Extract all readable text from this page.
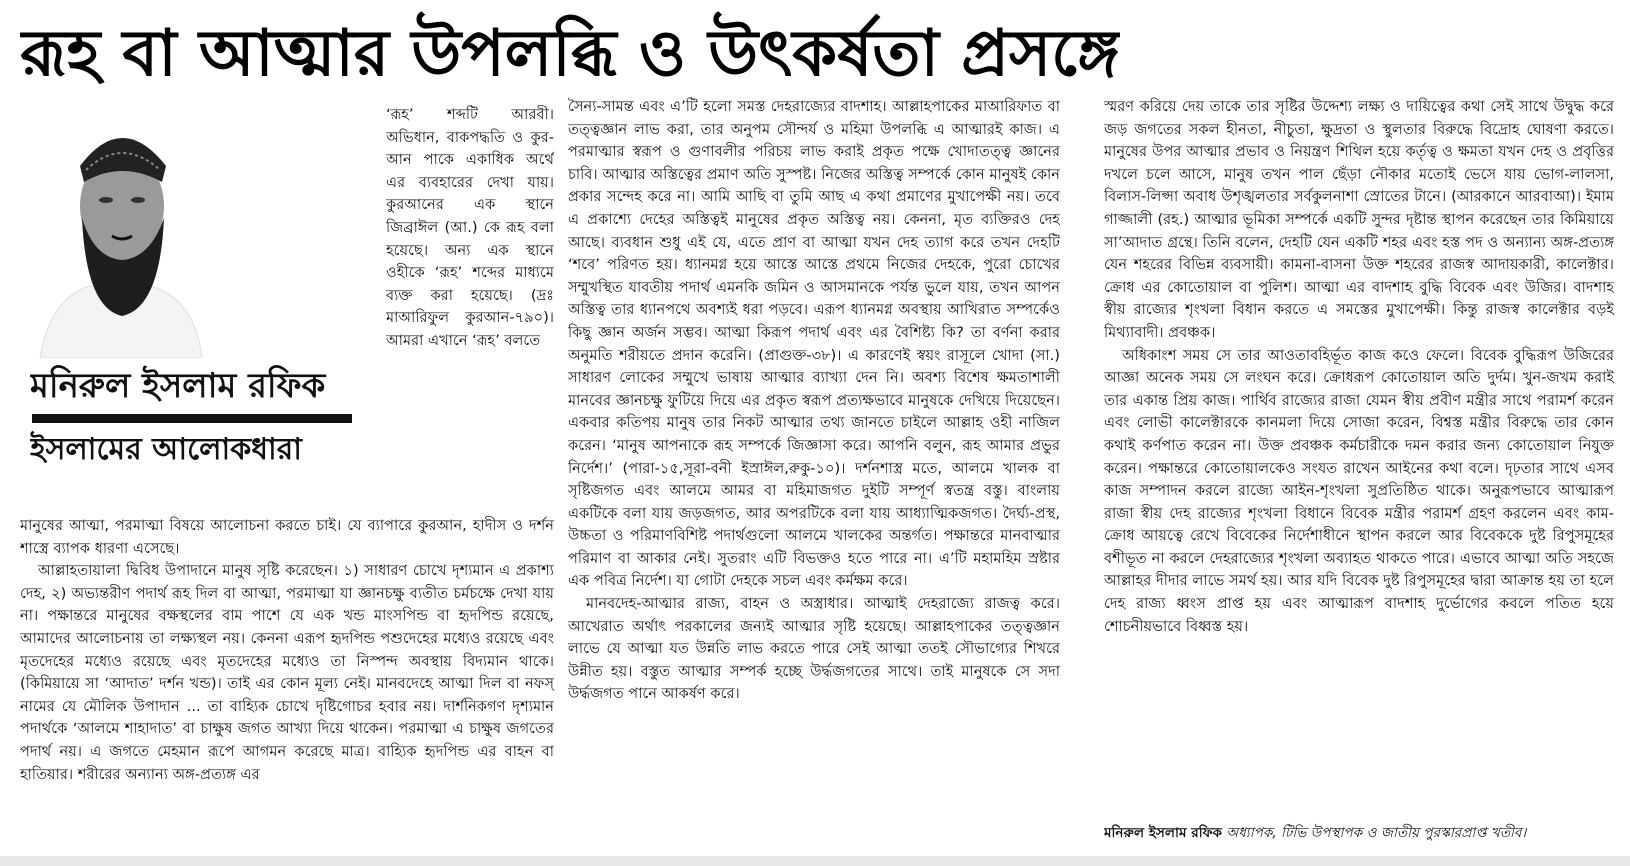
রূহ বা আত্মার উপলব্ধি ও উৎকর্ষতা প্রসঙ্গে
মনিরুল ইসলাম রফিক
ইসলামের আলোকধারা

‘রূহ’ শব্দটি আরবী। অভিধান, বাকপদ্ধতি ও কুর-আন পাকে একাধিক অর্থে এর ব্যবহারের দেখা যায়। কুরআনের এক স্থানে জিব্রাঈল (আ.) কে রূহ বলা হয়েছে। অন্য এক স্থানে ওহীকে ‘রূহ’ শব্দের মাধ্যমে ব্যক্ত করা হয়েছে। (দ্রঃ মাআরিফুল কুরআন-৭৯০)। আমরা এখানে ‘রূহ’ বলতে

মানুষের আত্মা, পরমাত্মা বিষয়ে আলোচনা করতে চাই। যে ব্যাপারে কুরআন, হাদীস ও দর্শন শাস্ত্রে ব্যাপক ধারণা এসেছে।

আল্লাহতায়ালা দ্বিবিধ উপাদানে মানুষ সৃষ্টি করেছেন। ১) সাধারণ চোখে দৃশ্যমান এ প্রকাশ্য দেহ, ২) অভ্যন্তরীণ পদার্থ রূহ দিল বা আত্মা, পরমাত্মা যা জ্ঞানচক্ষু ব্যতীত চর্মচক্ষে দেখা যায় না। পক্ষান্তরে মানুষের বক্ষস্থলের বাম পাশে যে এক খন্ড মাংসপিন্ড বা হৃদপিন্ড রয়েছে, আমাদের আলোচনায় তা লক্ষ্যস্থল নয়। কেননা এরূপ হৃদপিন্ড পশুদেহের মধ্যেও রয়েছে এবং মৃতদেহের মধ্যেও রয়েছে এবং মৃতদেহের মধ্যেও তা নিস্পন্দ অবস্থায় বিদ্যমান থাকে। (কিমিয়ায়ে সা ‘আদাত’ দর্শন খন্ড)। তাই এর কোন মূল্য নেই। মানবদেহে আত্মা দিল বা নফস্ নামের যে মৌলিক উপাদান ... তা বাহ্যিক চোখে দৃষ্টিগোচর হবার নয়। দার্শনিকগণ দৃশ্যমান পদার্থকে ‘আলমে শাহাদাত’ বা চাক্ষুষ জগত আখ্যা দিয়ে থাকেন। পরমাত্মা এ চাক্ষুষ জগতের পদার্থ নয়। এ জগতে মেহমান রূপে আগমন করেছে মাত্র। বাহ্যিক হৃদপিন্ড এর বাহন বা হাতিয়ার। শরীরের অন্যান্য অঙ্গ-প্রত্যঙ্গ এর

সৈন্য-সামন্ত এবং এ’টি হলো সমস্ত দেহরাজ্যের বাদশাহ। আল্লাহপাকের মাআরিফাত বা তত্ত্বজ্ঞান লাভ করা, তার অনুপম সৌন্দর্য ও মহিমা উপলব্ধি এ আত্মারই কাজ। এ পরমাত্মার স্বরূপ ও গুণাবলীর পরিচয় লাভ করাই প্রকৃত পক্ষে খোদাতত্ত্ব জ্ঞানের চাবি। আত্মার অস্তিত্বের প্রমাণ অতি সুস্পষ্ট। নিজের অস্তিত্ব সম্পর্কে কোন মানুষই কোন প্রকার সন্দেহ করে না। আমি আছি বা তুমি আছ এ কথা প্রমাণের মুখাপেক্ষী নয়। তবে এ প্রকাশ্যে দেহের অস্তিত্বই মানুষের প্রকৃত অস্তিত্ব নয়। কেননা, মৃত ব্যক্তিরও দেহ আছে। ব্যবধান শুধু এই যে, এতে প্রাণ বা আত্মা যখন দেহ ত্যাগ করে তখন দেহটি ‘শবে’ পরিণত হয়। ধ্যানমগ্ন হয়ে আস্তে আস্তে প্রথমে নিজের দেহকে, পুরো চোখের সম্মুখস্থিত যাবতীয় পদার্থ এমনকি জমিন ও আসমানকে পর্যন্ত ভুলে যায়, তখন আপন অস্তিত্ব তার ধ্যানপথে অবশ্যই ধরা পড়বে। এরূপ ধ্যানমগ্ন অবস্থায় আখিরাত সম্পর্কেও কিছু জ্ঞান অর্জন সম্ভব। আত্মা কিরূপ পদার্থ এবং এর বৈশিষ্ট্য কি? তা বর্ণনা করার অনুমতি শরীয়তে প্রদান করেনি। (প্রাগুক্ত-৩৮)। এ কারণেই স্বয়ং রাসূলে খোদা (সা.) সাধারণ লোকের সম্মুখে ভাষায় আত্মার ব্যাখ্যা দেন নি। অবশ্য বিশেষ ক্ষমতাশালী মানবের জ্ঞানচক্ষু ফুটিয়ে দিয়ে এর প্রকৃত স্বরূপ প্রত্যক্ষভাবে মানুষকে দেখিয়ে দিয়েছেন। একবার কতিপয় মানুষ তার নিকট আত্মার তথ্য জানতে চাইলে আল্লাহ ওহী নাজিল করেন। ‘মানুষ আপনাকে রূহ সম্পর্কে জিজ্ঞাসা করে। আপনি বলুন, রূহ আমার প্রভুর নির্দেশ।’ (পারা-১৫,সূরা-বনী ইস্রাঈল,রুকু-১০)। দর্শনশাস্ত্র মতে, আলমে খালক বা সৃষ্টিজগত এবং আলমে আমর বা মহিমাজগত দুইটি সম্পূর্ণ স্বতন্ত্র বস্তু। বাংলায় একটিকে বলা যায় জড়জগত, আর অপরটিকে বলা যায় আধ্যাত্মিকজগত। দৈর্ঘ্য-প্রস্থ, উচ্চতা ও পরিমাণবিশিষ্ট পদার্থগুলো আলমে খালকের অন্তর্গত। পক্ষান্তরে মানবাত্মার পরিমাণ বা আকার নেই। সুতরাং এটি বিভক্তও হতে পারে না। এ’টি মহামহিম স্রষ্টার এক পবিত্র নির্দেশ। যা গোটা দেহকে সচল এবং কর্মক্ষম করে।

মানবদেহ-আত্মার রাজ্য, বাহন ও অস্ত্রাধার। আত্মাই দেহরাজ্যে রাজত্ব করে। আখেরাত অর্থাৎ পরকালের জন্যই আত্মার সৃষ্টি হয়েছে। আল্লাহপাকের তত্ত্বজ্ঞান লাভে যে আত্মা যত উন্নতি লাভ করতে পারে সেই আত্মা ততই সৌভাগ্যের শিখরে উন্নীত হয়। বস্তুত আত্মার সম্পর্ক হচ্ছে উর্দ্ধজগতের সাথে। তাই মানুষকে সে সদা উর্দ্ধজগত পানে আকর্ষণ করে।

স্মরণ করিয়ে দেয় তাকে তার সৃষ্টির উদ্দেশ্য লক্ষ্য ও দায়িত্বের কথা সেই সাথে উদ্বুদ্ধ করে জড় জগতের সকল হীনতা, নীচুতা, ক্ষুদ্রতা ও স্থুলতার বিরুদ্ধে বিদ্রোহ ঘোষণা করতে। মানুষের উপর আত্মার প্রভাব ও নিয়ন্ত্রণ শিথিল হয়ে কর্তৃত্ব ও ক্ষমতা যখন দেহ ও প্রবৃত্তির দখলে চলে আসে, মানুষ তখন পাল ছেঁড়া নৌকার মতোই ভেসে যায় ভোগ-লালসা, বিলাস-লিপ্সা অবাধ উশৃঙ্খলতার সর্বকুলনাশা স্রোতের টানে। (আরকানে আরবাআ)। ইমাম গাজ্জালী (রহ.) আত্মার ভূমিকা সম্পর্কে একটি সুন্দর দৃষ্টান্ত স্থাপন করেছেন তার কিমিয়ায়ে সা’আদাত গ্রন্থে। তিনি বলেন, দেহটি যেন একটি শহর এবং হস্ত পদ ও অন্যান্য অঙ্গ-প্রত্যঙ্গ যেন শহরের বিভিন্ন ব্যবসায়ী। কামনা-বাসনা উক্ত শহরের রাজস্ব আদায়কারী, কালেক্টার। ক্রোধ এর কোতোয়াল বা পুলিশ। আত্মা এর বাদশাহ বুদ্ধি বিবেক এবং উজির। বাদশাহ স্বীয় রাজ্যের শৃংখলা বিধান করতে এ সমস্তের মুখাপেক্ষী। কিন্তু রাজস্ব কালেক্টার বড়ই মিথ্যাবাদী। প্রবঞ্চক।

অধিকাংশ সময় সে তার আওতাবহির্ভূত কাজ কওে ফেলে। বিবেক বুদ্ধিরূপ উজিরের আজ্ঞা অনেক সময় সে লংঘন করে। ক্রোধরূপ কোতোয়াল অতি দুর্দম। খুন-জখম করাই তার একান্ত প্রিয় কাজ। পার্থিব রাজ্যের রাজা যেমন স্বীয় প্রবীণ মন্ত্রীর সাথে পরামর্শ করেন এবং লোভী কালেক্টারকে কানমলা দিয়ে সোজা করেন, বিশ্বস্ত মন্ত্রীর বিরুদ্ধে তার কোন কথাই কর্ণপাত করেন না। উক্ত প্রবঞ্চক কর্মচারীকে দমন করার জন্য কোতোয়াল নিযুক্ত করেন। পক্ষান্তরে কোতোয়ালকেও সংযত রাখেন আইনের কথা বলে। দৃঢ়তার সাথে এসব কাজ সম্পাদন করলে রাজ্যে আইন-শৃংখলা সুপ্রতিষ্ঠিত থাকে। অনুরূপভাবে আত্মারূপ রাজা স্বীয় দেহ রাজ্যের শৃংখলা বিধানে বিবেক মন্ত্রীর পরামর্শ গ্রহণ করলেন এবং কাম-ক্রোধ আয়ত্বে রেখে বিবেকের নির্দেশাধীনে স্থাপন করলে আর বিবেককে দুষ্ট রিপুসমূহের বশীভূত না করলে দেহরাজ্যের শৃংখলা অব্যাহত থাকতে পারে। এভাবে আত্মা অতি সহজে আল্লাহর দীদার লাভে সমর্থ হয়। আর যদি বিবেক দুষ্ট রিপুসমূহের দ্বারা আক্রান্ত হয় তা হলে দেহ রাজ্য ধ্বংস প্রাপ্ত হয় এবং আত্মারূপ বাদশাহ দুর্ভোগের কবলে পতিত হয়ে শোচনীয়ভাবে বিধ্বস্ত হয়।

মনিরুল ইসলাম রফিক অধ্যাপক, টিভি উপস্থাপক ও জাতীয় পুরস্কারপ্রাপ্ত খতীব।
